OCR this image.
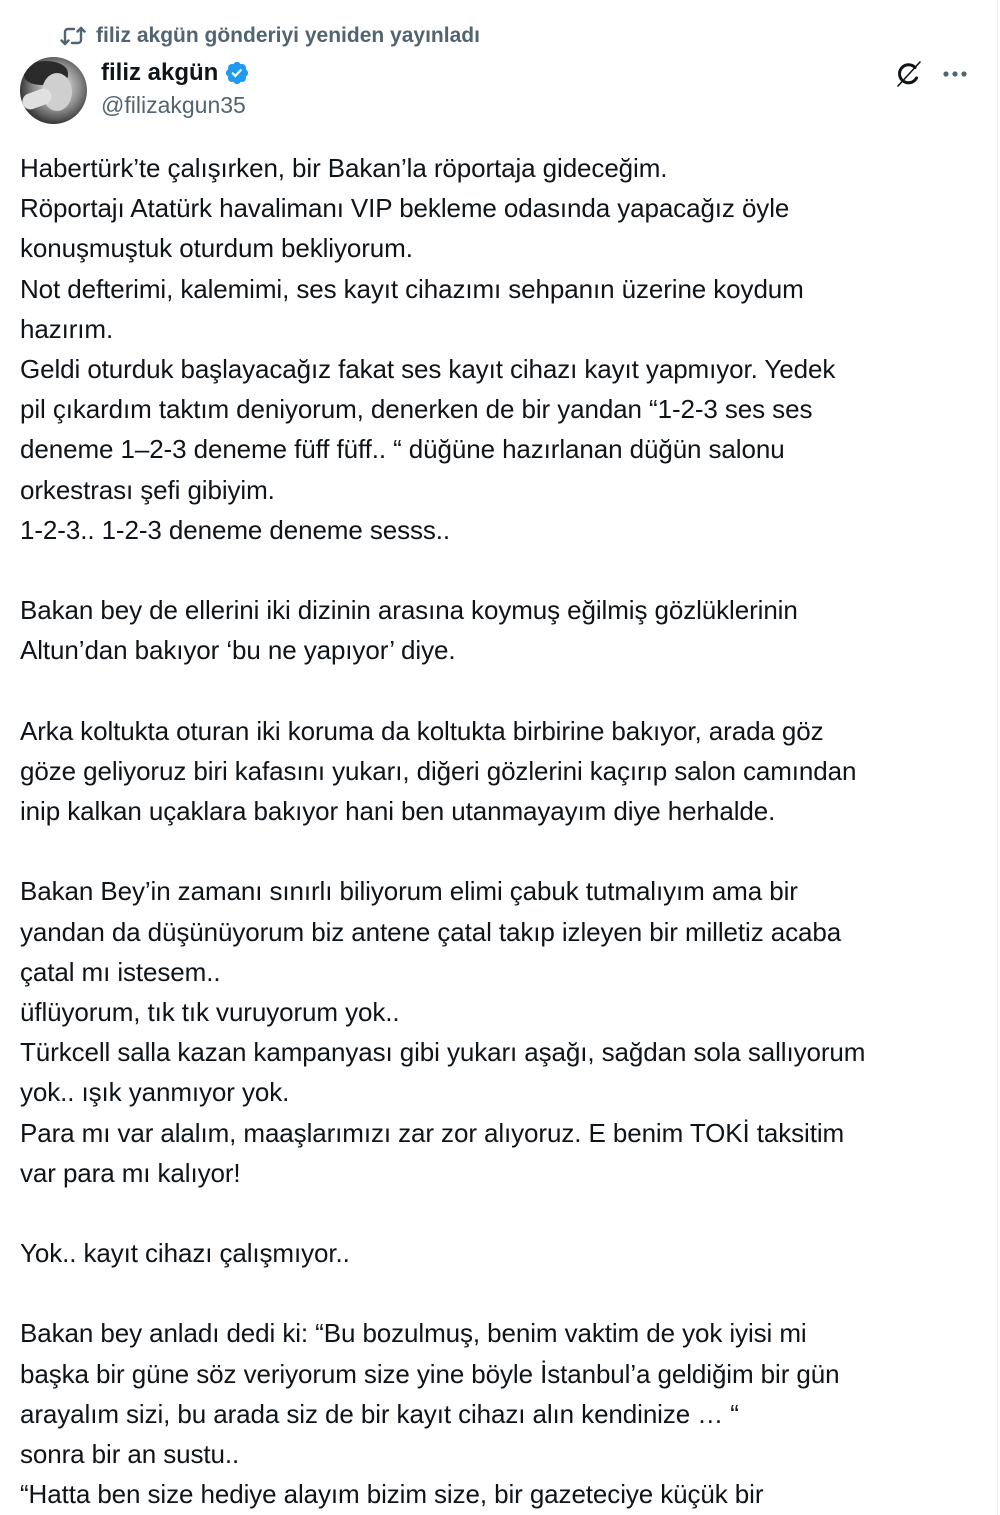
filiz akgün gönderiyi yeniden yayınladı
filiz akgün
@filizakgun35
Habertürk’te çalışırken, bir Bakan’la röportaja gideceğim.
Röportajı Atatürk havalimanı VIP bekleme odasında yapacağız öyle
konuşmuştuk oturdum bekliyorum.
Not defterimi, kalemimi, ses kayıt cihazımı sehpanın üzerine koydum
hazırım.
Geldi oturduk başlayacağız fakat ses kayıt cihazı kayıt yapmıyor. Yedek
pil çıkardım taktım deniyorum, denerken de bir yandan “1-2-3 ses ses
deneme 1–2-3 deneme füff füff.. “ düğüne hazırlanan düğün salonu
orkestrası şefi gibiyim.
1-2-3.. 1-2-3 deneme deneme sesss..
Bakan bey de ellerini iki dizinin arasına koymuş eğilmiş gözlüklerinin
Altun’dan bakıyor ‘bu ne yapıyor’ diye.
Arka koltukta oturan iki koruma da koltukta birbirine bakıyor, arada göz
göze geliyoruz biri kafasını yukarı, diğeri gözlerini kaçırıp salon camından
inip kalkan uçaklara bakıyor hani ben utanmayayım diye herhalde.
Bakan Bey’in zamanı sınırlı biliyorum elimi çabuk tutmalıyım ama bir
yandan da düşünüyorum biz antene çatal takıp izleyen bir milletiz acaba
çatal mı istesem..
üflüyorum, tık tık vuruyorum yok..
Türkcell salla kazan kampanyası gibi yukarı aşağı, sağdan sola sallıyorum
yok.. ışık yanmıyor yok.
Para mı var alalım, maaşlarımızı zar zor alıyoruz. E benim TOKİ taksitim
var para mı kalıyor!
Yok.. kayıt cihazı çalışmıyor..
Bakan bey anladı dedi ki: “Bu bozulmuş, benim vaktim de yok iyisi mi
başka bir güne söz veriyorum size yine böyle İstanbul’a geldiğim bir gün
arayalım sizi, bu arada siz de bir kayıt cihazı alın kendinize … “
sonra bir an sustu..
“Hatta ben size hediye alayım bizim size, bir gazeteciye küçük bir
